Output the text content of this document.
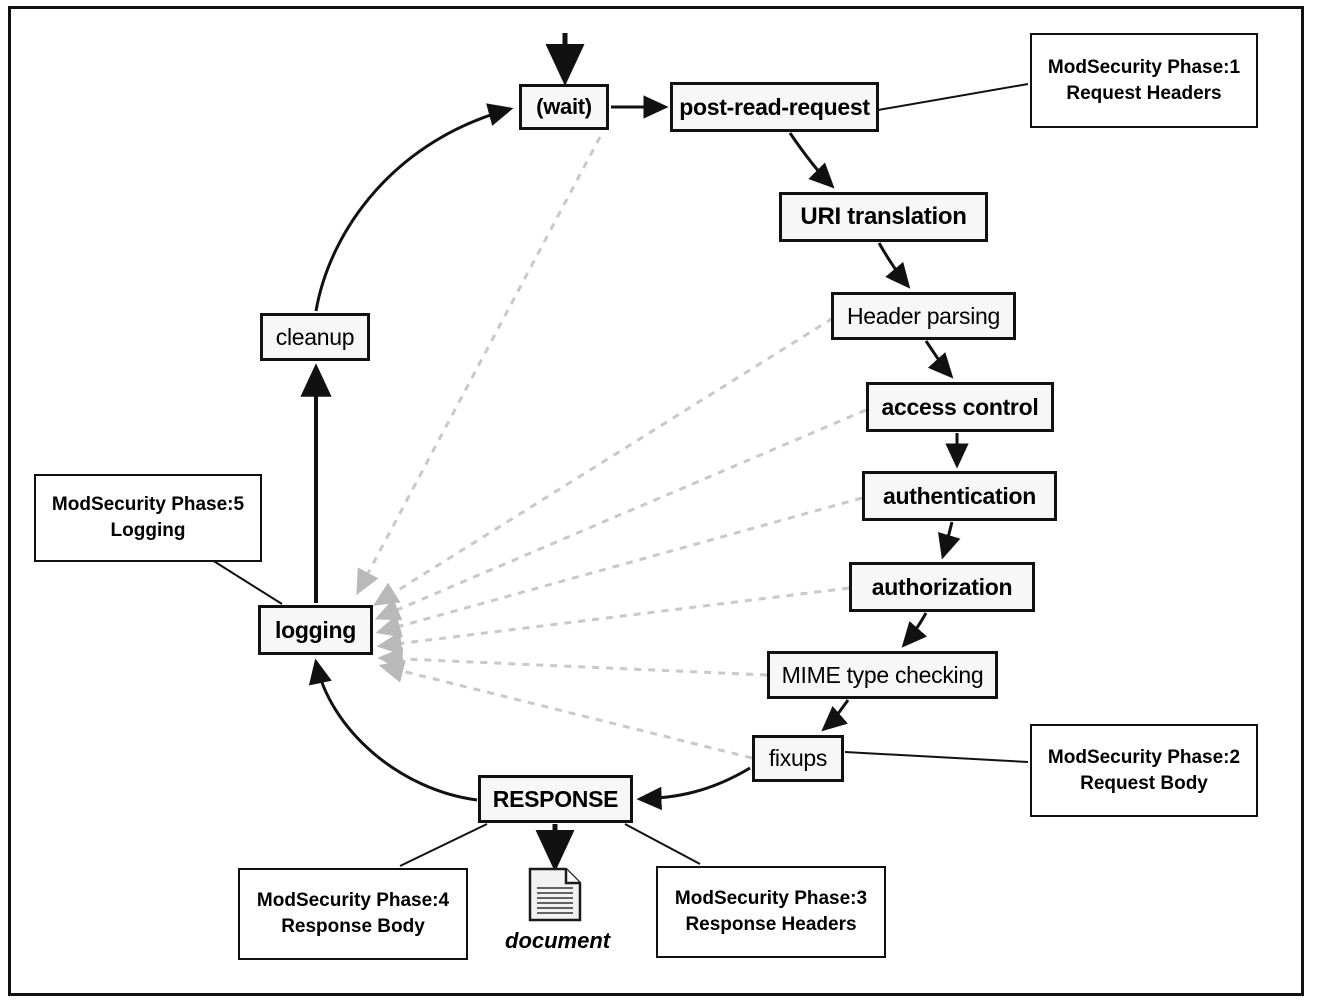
(wait)	post-read-request
URI translation
Header parsing
access control
authentication
authorization
MIME type checking
fixups
RESPONSE
logging
cleanup
ModSecurity Phase:1
Request Headers
ModSecurity Phase:5
Logging
ModSecurity Phase:2
Request Body
ModSecurity Phase:4
Response Body
ModSecurity Phase:3
Response Headers
document
